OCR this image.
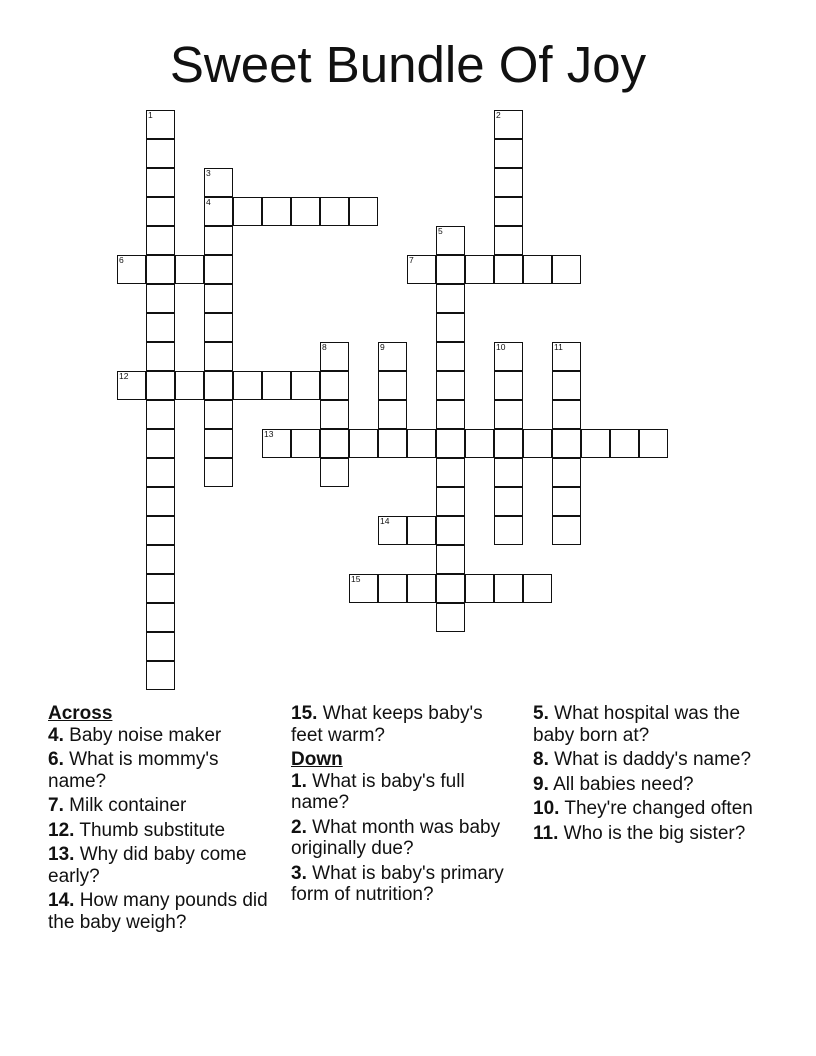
Sweet Bundle Of Joy
1	2
3
4
5
6	7
8	9	10	11
12
13
14
15
Across
4. Baby noise maker
6. What is mommy's name?
7. Milk container
12. Thumb substitute
13. Why did baby come early?
14. How many pounds did the baby weigh?
15. What keeps baby's feet warm?
Down
1. What is baby's full name?
2. What month was baby originally due?
3. What is baby's primary form of nutrition?
5. What hospital was the baby born at?
8. What is daddy's name?
9. All babies need?
10. They're changed often
11. Who is the big sister?
